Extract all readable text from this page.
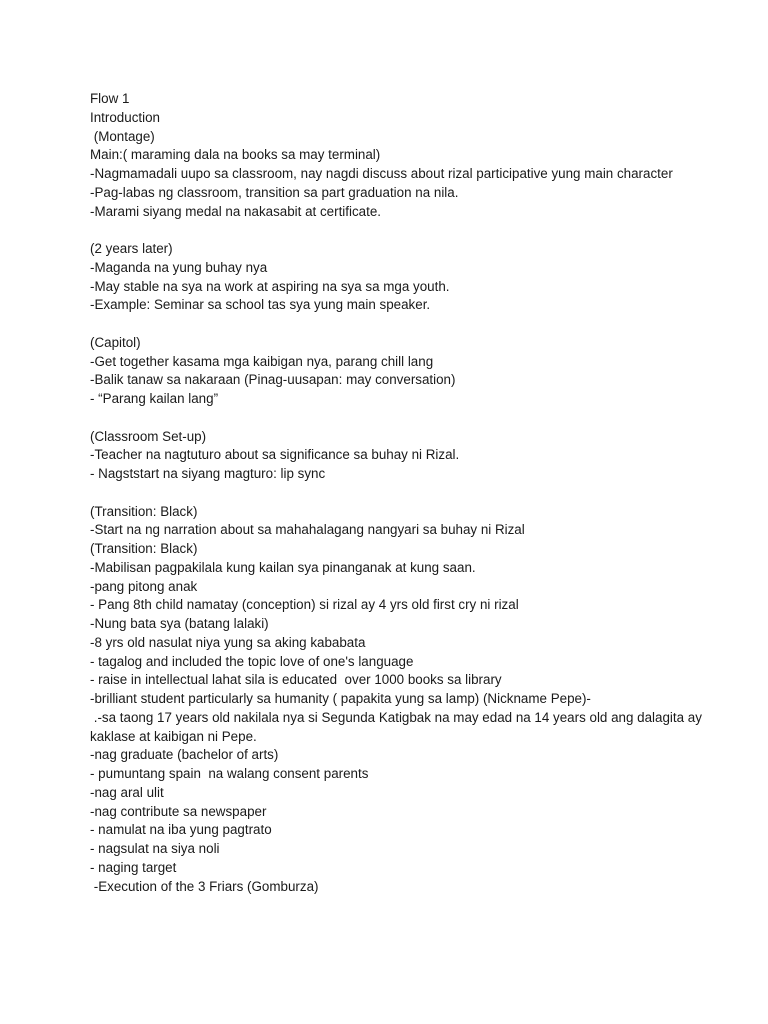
Flow 1
Introduction
(Montage)
Main:( maraming dala na books sa may terminal)
-Nagmamadali uupo sa classroom, nay nagdi discuss about rizal participative yung main character
-Pag-labas ng classroom, transition sa part graduation na nila.
-Marami siyang medal na nakasabit at certificate.
(2 years later)
-Maganda na yung buhay nya
-May stable na sya na work at aspiring na sya sa mga youth.
-Example: Seminar sa school tas sya yung main speaker.
(Capitol)
-Get together kasama mga kaibigan nya, parang chill lang
-Balik tanaw sa nakaraan (Pinag-uusapan: may conversation)
- “Parang kailan lang”
(Classroom Set-up)
-Teacher na nagtuturo about sa significance sa buhay ni Rizal.
- Nagststart na siyang magturo: lip sync
(Transition: Black)
-Start na ng narration about sa mahahalagang nangyari sa buhay ni Rizal
(Transition: Black)
-Mabilisan pagpakilala kung kailan sya pinanganak at kung saan.
-pang pitong anak
- Pang 8th child namatay (conception) si rizal ay 4 yrs old first cry ni rizal
-Nung bata sya (batang lalaki)
-8 yrs old nasulat niya yung sa aking kababata
- tagalog and included the topic love of one's language
- raise in intellectual lahat sila is educated  over 1000 books sa library
-brilliant student particularly sa humanity ( papakita yung sa lamp) (Nickname Pepe)-
.-sa taong 17 years old nakilala nya si Segunda Katigbak na may edad na 14 years old ang dalagita ay kaklase at kaibigan ni Pepe.
-nag graduate (bachelor of arts)
- pumuntang spain  na walang consent parents
-nag aral ulit
-nag contribute sa newspaper
- namulat na iba yung pagtrato
- nagsulat na siya noli
- naging target
-Execution of the 3 Friars (Gomburza)
